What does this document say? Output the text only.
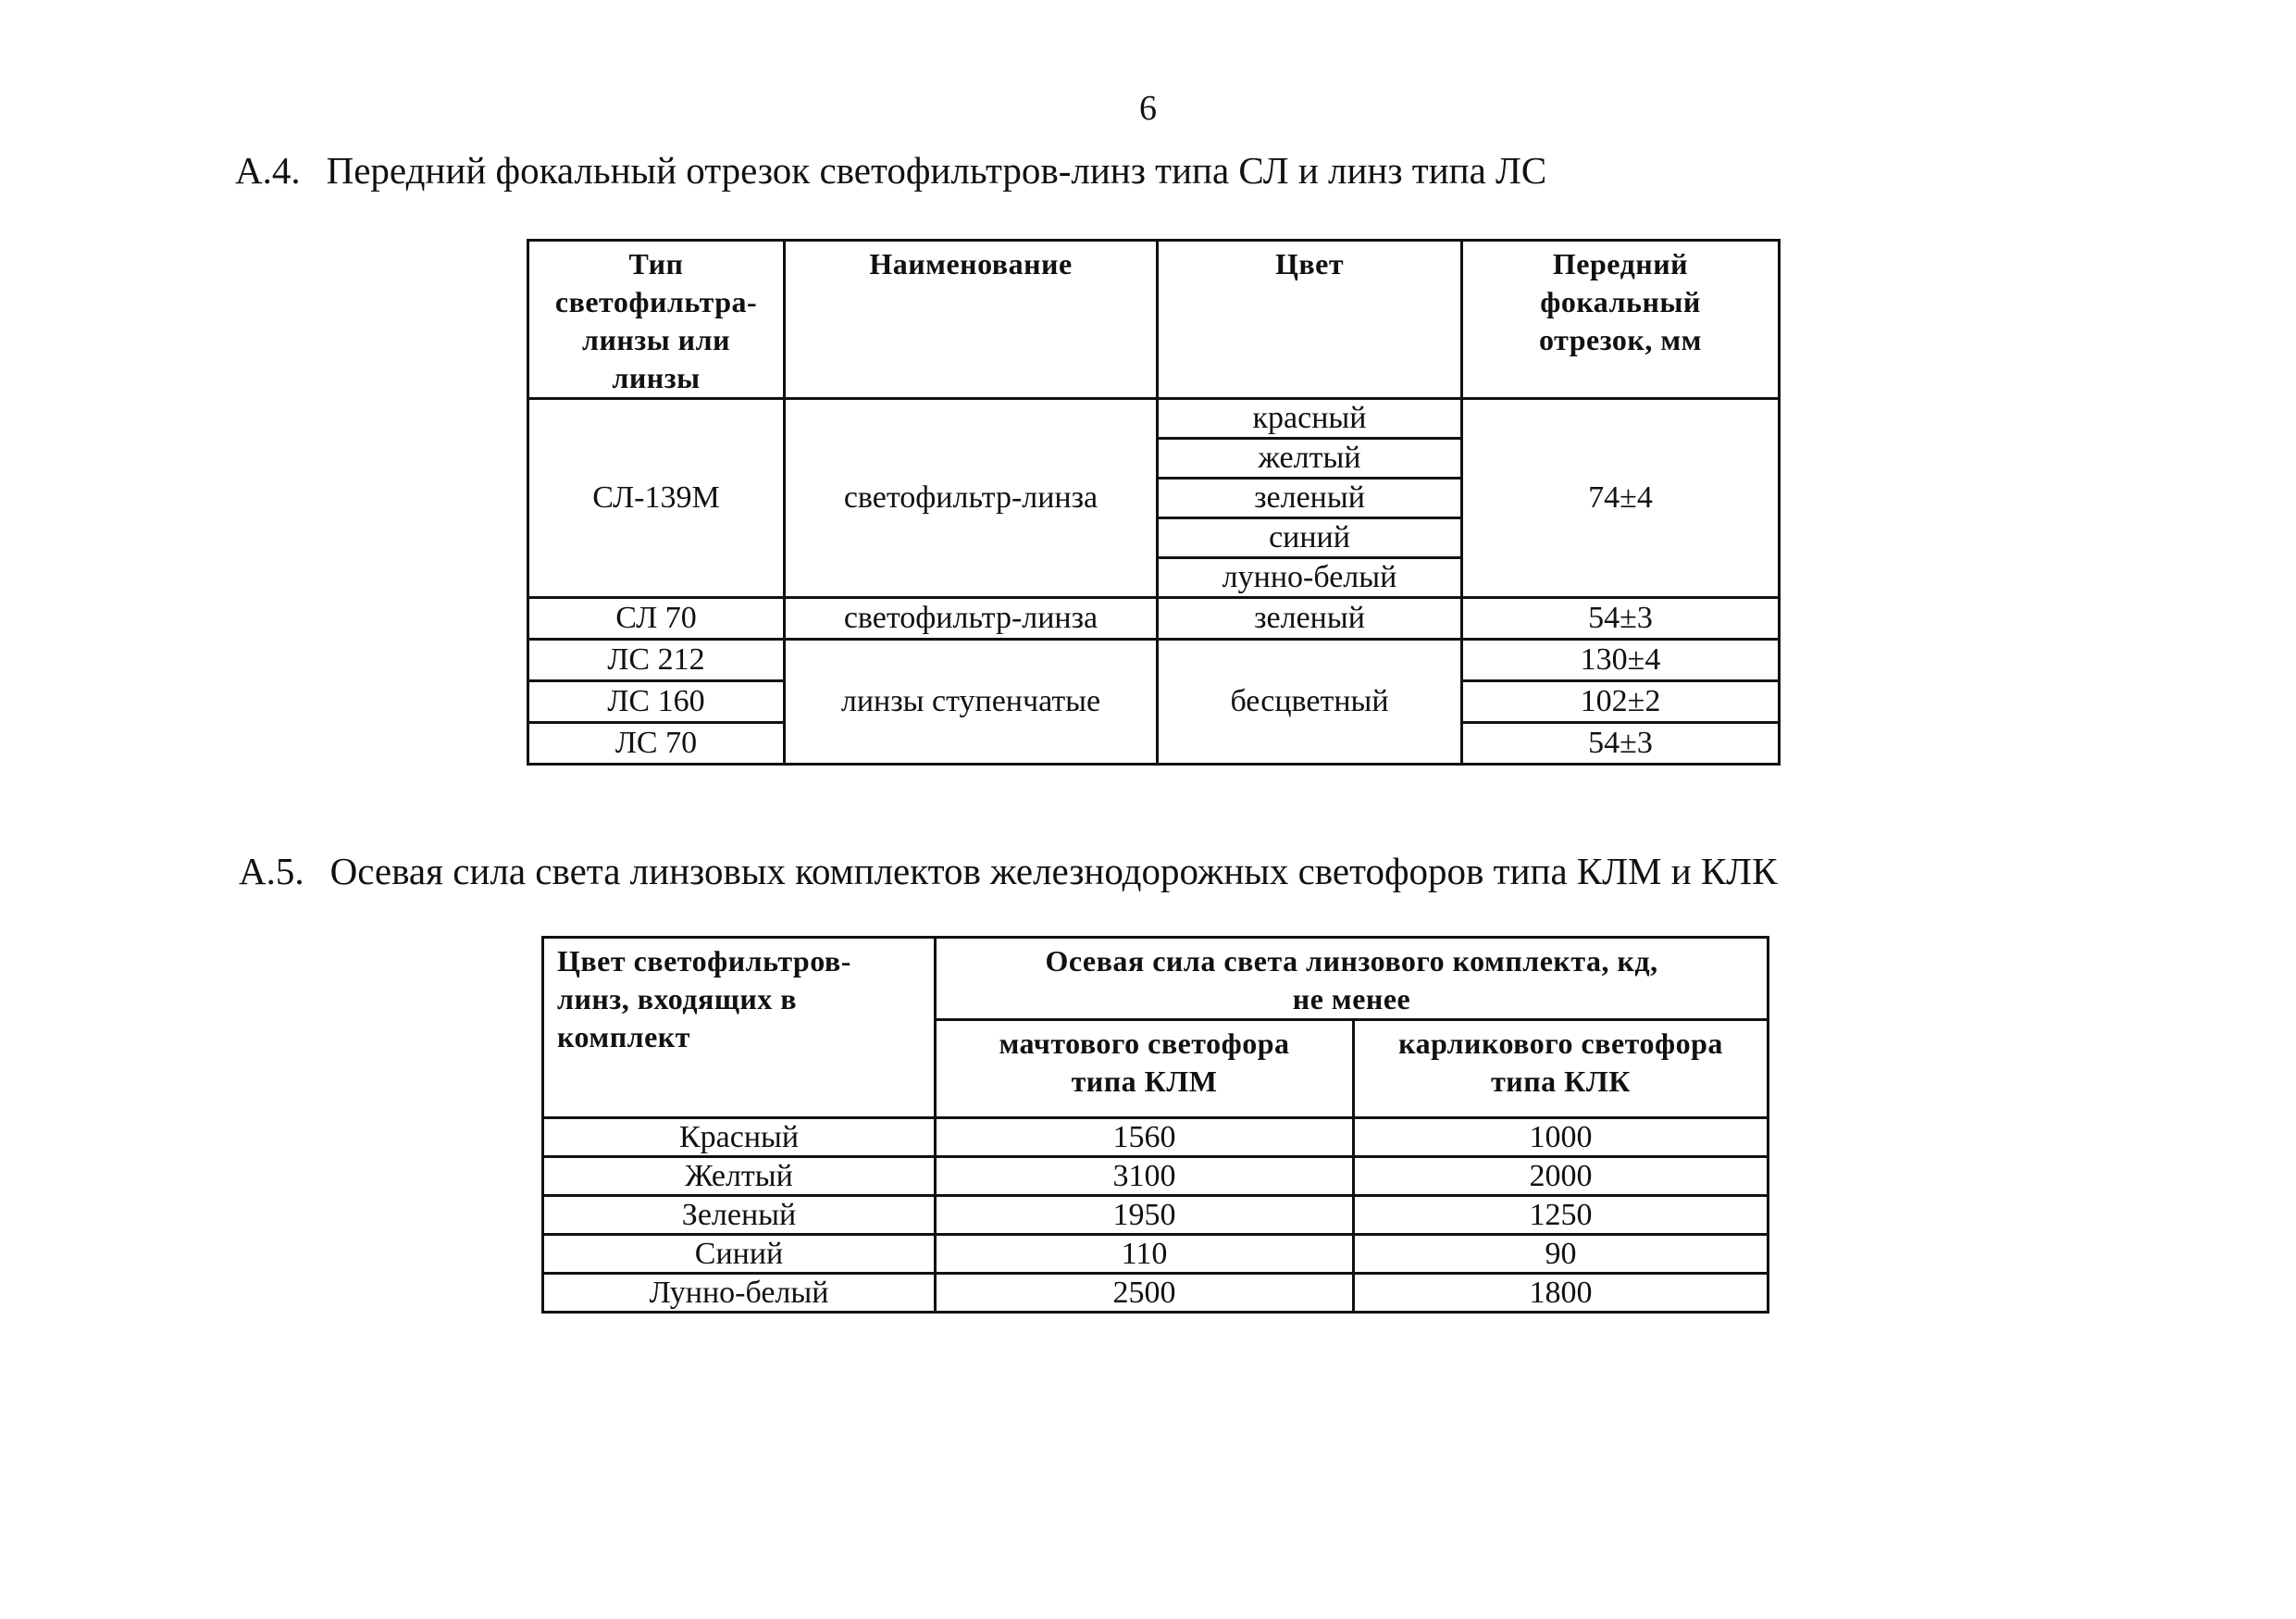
6
А.4. Передний фокальный отрезок светофильтров-линз типа СЛ и линз типа ЛС
Тип светофильтра-линзы или линзы	Наименование	Цвет	Передний фокальный отрезок, мм
СЛ-139М	светофильтр-линза	красный	74±4
		желтый	
		зеленый	
		синий	
		лунно-белый	
СЛ 70	светофильтр-линза	зеленый	54±3
ЛС 212	линзы ступенчатые	бесцветный	130±4
ЛС 160			102±2
ЛС 70			54±3
А.5. Осевая сила света линзовых комплектов железнодорожных светофоров типа КЛМ и КЛК
Цвет светофильтров-линз, входящих в комплект	Осевая сила света линзового комплекта, кд,
не менее	

	мачтового светофора типа КЛМ	карликового светофора типа КЛК
Красный	1560	1000
Желтый	3100	2000
Зеленый	1950	1250
Синий	110	90
Лунно-белый	2500	1800
